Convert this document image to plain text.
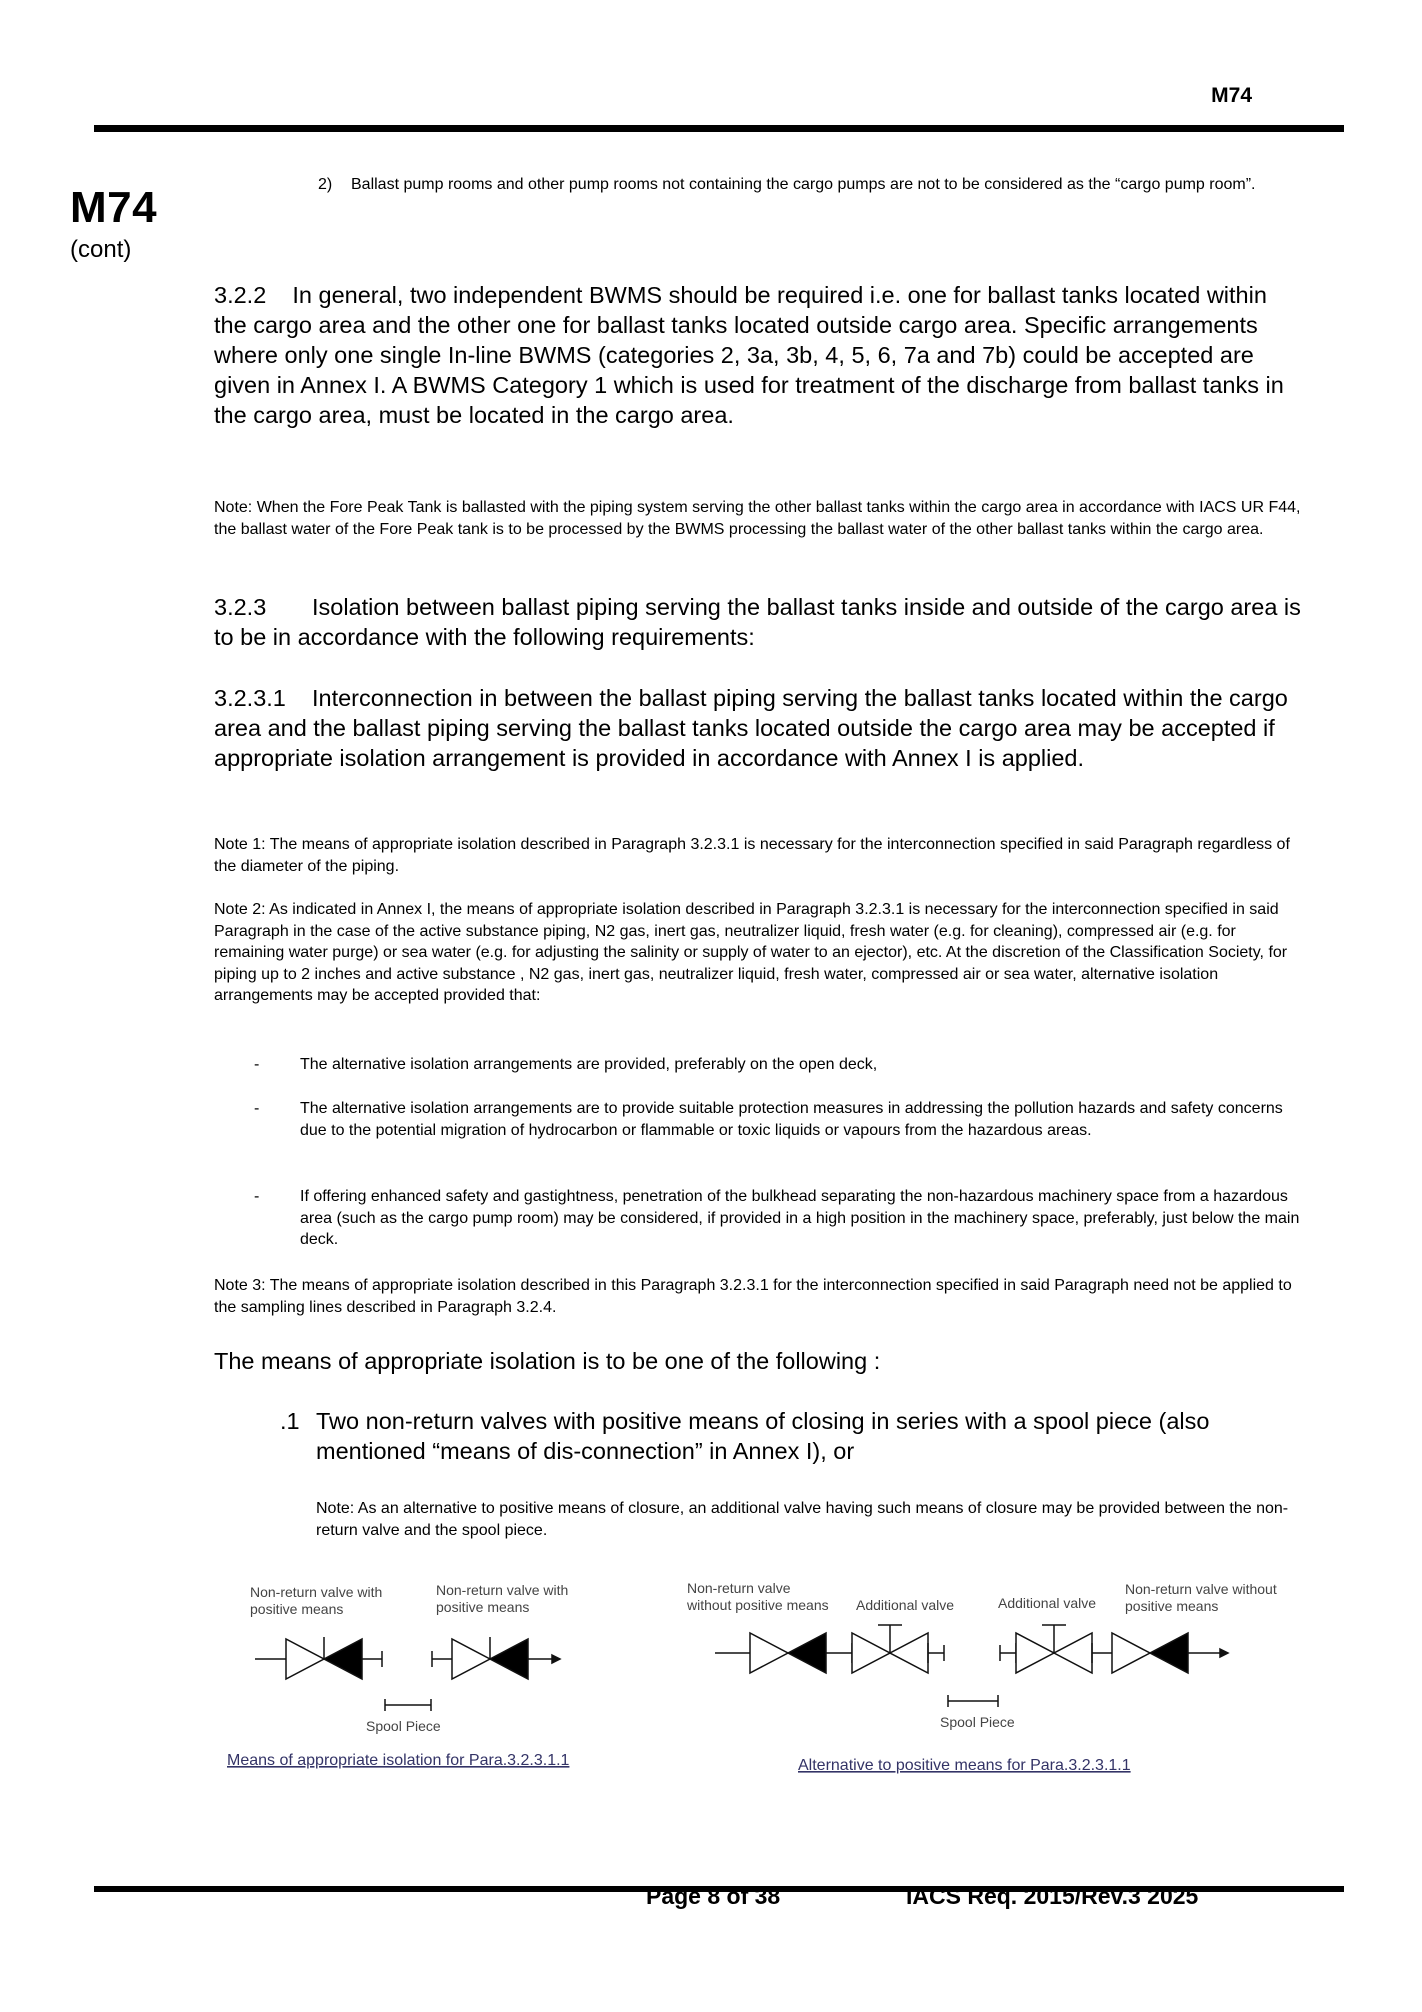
M74
M74
(cont)
2) Ballast pump rooms and other pump rooms not containing the cargo pumps are not to be considered as the “cargo pump room”.

3.2.2    In general, two independent BWMS should be required i.e. one for ballast tanks located within the cargo area and the other one for ballast tanks located outside cargo area. Specific arrangements where only one single In-line BWMS (categories 2, 3a, 3b, 4, 5, 6, 7a and 7b) could be accepted are given in Annex I. A BWMS Category 1 which is used for treatment of the discharge from ballast tanks in the cargo area, must be located in the cargo area.

Note: When the Fore Peak Tank is ballasted with the piping system serving the other ballast tanks within the cargo area in accordance with IACS UR F44, the ballast water of the Fore Peak tank is to be processed by the BWMS processing the ballast water of the other ballast tanks within the cargo area.

3.2.3       Isolation between ballast piping serving the ballast tanks inside and outside of the cargo area is to be in accordance with the following requirements:

3.2.3.1    Interconnection in between the ballast piping serving the ballast tanks located within the cargo area and the ballast piping serving the ballast tanks located outside the cargo area may be accepted if appropriate isolation arrangement is provided in accordance with Annex I is applied.

Note 1: The means of appropriate isolation described in Paragraph 3.2.3.1 is necessary for the interconnection specified in said Paragraph regardless of the diameter of the piping.

Note 2: As indicated in Annex I, the means of appropriate isolation described in Paragraph 3.2.3.1 is necessary for the interconnection specified in said Paragraph in the case of the active substance piping, N2 gas, inert gas, neutralizer liquid, fresh water (e.g. for cleaning), compressed air (e.g. for remaining water purge) or sea water (e.g. for adjusting the salinity or supply of water to an ejector), etc. At the discretion of the Classification Society, for piping up to 2 inches and active substance , N2 gas, inert gas, neutralizer liquid, fresh water, compressed air or sea water, alternative isolation arrangements may be accepted provided that:

-	The alternative isolation arrangements are provided, preferably on the open deck,
-	The alternative isolation arrangements are to provide suitable protection measures in addressing the pollution hazards and safety concerns due to the potential migration of hydrocarbon or flammable or toxic liquids or vapours from the hazardous areas.
-	If offering enhanced safety and gastightness, penetration of the bulkhead separating the non-hazardous machinery space from a hazardous area (such as the cargo pump room) may be considered, if provided in a high position in the machinery space, preferably, just below the main deck.

Note 3: The means of appropriate isolation described in this Paragraph 3.2.3.1 for the interconnection specified in said Paragraph need not be applied to the sampling lines described in Paragraph 3.2.4.

The means of appropriate isolation is to be one of the following :

.1 Two non-return valves with positive means of closing in series with a spool piece (also mentioned “means of dis-connection” in Annex I), or

Note: As an alternative to positive means of closure, an additional valve having such means of closure may be provided between the non-return valve and the spool piece.

Non-return valve with
positive means
Non-return valve with
positive means
Spool Piece
Means of appropriate isolation for Para.3.2.3.1.1
Non-return valve
without positive means Additional valve	Additional valve
Non-return valve without
positive means
Spool Piece
Alternative to positive means for Para.3.2.3.1.1
Page 8 of 38	IACS Req. 2015/Rev.3 2025
